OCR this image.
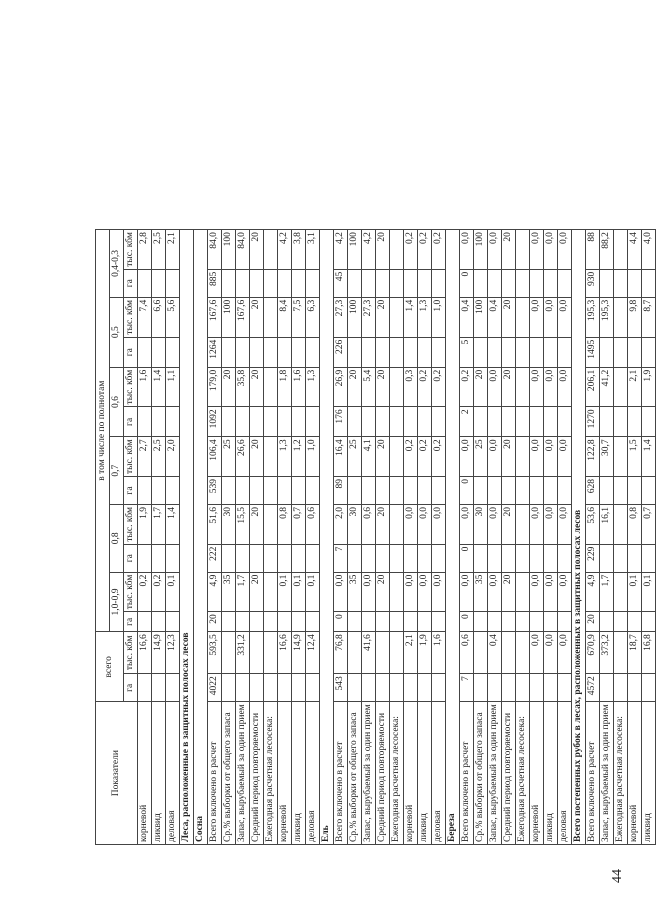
Показатели	всего		в том числе по полнотам											
			1,0-0,9		0,8		0,7		0,6		0,5		0,4-0,3	
	га	тыс. кбм	га	тыс. кбм	га	тыс. кбм	га	тыс. кбм	га	тыс. кбм	га	тыс. кбм	га	тыс. кбм
корневой		16,6		0,2		1,9		2,7		1,6		7,4		2,8
ликвид		14,9		0,2		1,7		2,5		1,4		6,6		2,5
деловая		12,3		0,1		1,4		2,0		1,1		5,6		2,1
Леса, расположенные в защитных полосах лесов														
Сосна														
Всего включено в расчет	4022	593,5	20	4,9	222	51,6	539	106,4	1092	179,0	1264	167,6	885	84,0
Ср.% выборки от общего запаса				35		30		25		20		100		100
Запас, вырубаемый за один прием		331,2		1,7		15,5		26,6		35,8		167,6		84,0
Средний период повторяемости				20		20		20		20		20		20
Ежегодная расчетная лесосека:														
корневой		16,6		0,1		0,8		1,3		1,8		8,4		4,2
ликвид		14,9		0,1		0,7		1,2		1,6		7,5		3,8
деловая		12,4		0,1		0,6		1,0		1,3		6,3		3,1
Ель														
Всего включено в расчет	543	76,8	0	0,0	7	2,0	89	16,4	176	26,9	226	27,3	45	4,2
Ср.% выборки от общего запаса				35		30		25		20		100		100
Запас, вырубаемый за один прием		41,6		0,0		0,6		4,1		5,4		27,3		4,2
Средний период повторяемости				20		20		20		20		20		20
Ежегодная расчетная лесосека:														
корневой		2,1		0,0		0,0		0,2		0,3		1,4		0,2
ликвид		1,9		0,0		0,0		0,2		0,2		1,3		0,2
деловая		1,6		0,0		0,0		0,2		0,2		1,0		0,2
Береза														
Всего включено в расчет	7	0,6	0	0,0	0	0,0	0	0,0	2	0,2	5	0,4	0	0,0
Ср.% выборки от общего запаса				35		30		25		20		100		100
Запас, вырубаемый за один прием		0,4		0,0		0,0		0,0		0,0		0,4		0,0
Средний период повторяемости				20		20		20		20		20		20
Ежегодная расчетная лесосека:														
корневой		0,0		0,0		0,0		0,0		0,0		0,0		0,0
ликвид		0,0		0,0		0,0		0,0		0,0		0,0		0,0
деловая		0,0		0,0		0,0		0,0		0,0		0,0		0,0
Всего постепенных рубок в лесах, расположенных в защитных полосах лесов														
Всего включено в расчет	4572	670,9	20	4,9	229	53,6	628	122,8	1270	206,1	1495	195,3	930	88
Запас, вырубаемый за один прием		373,2		1,7		16,1		30,7		41,2		195,3		88,2
Ежегодная расчетная лесосека:														
корневой		18,7		0,1		0,8		1,5		2,1		9,8		4,4
ликвид		16,8		0,1		0,7		1,4		1,9		8,7		4,0
44
